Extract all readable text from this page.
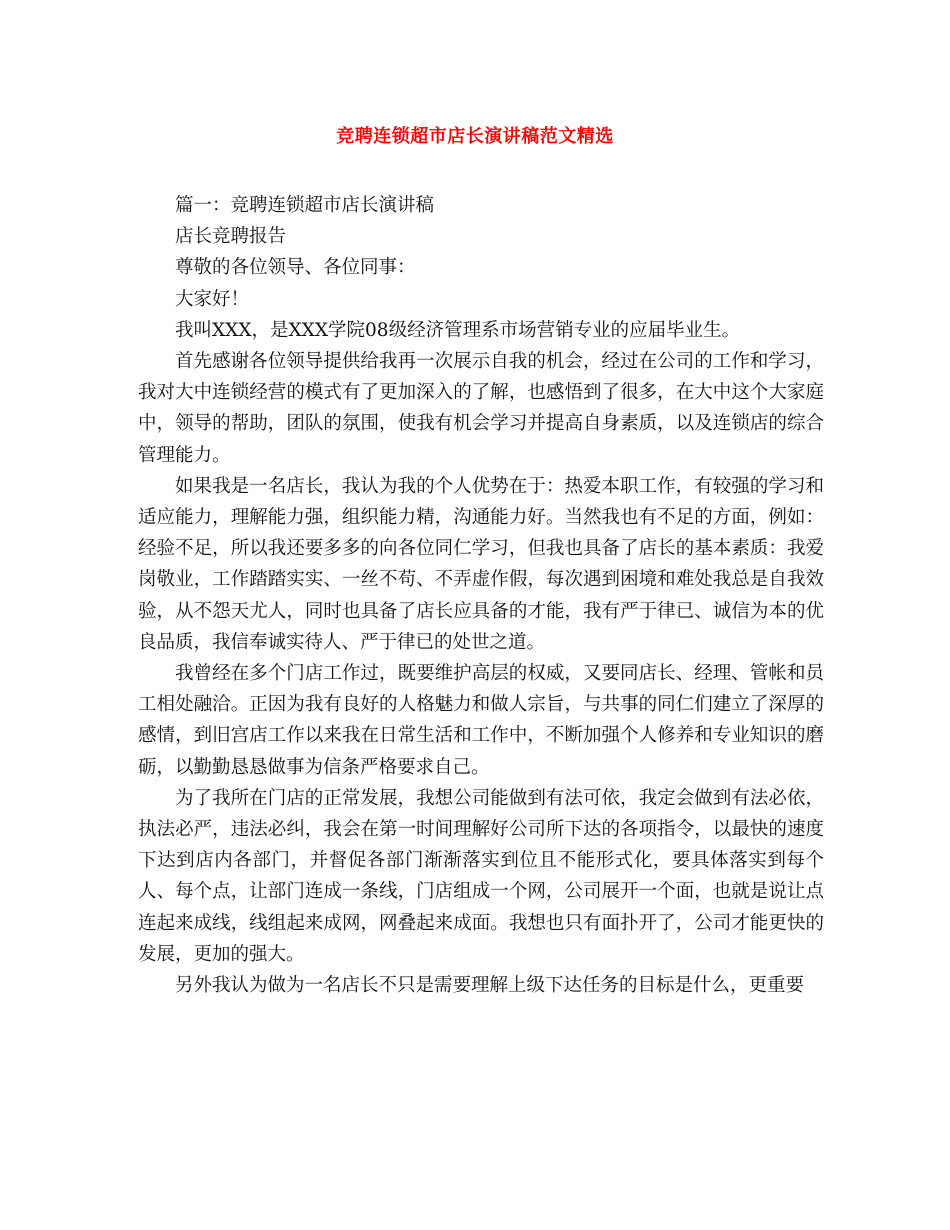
竞聘连锁超市店长演讲稿范文精选

篇一：竞聘连锁超市店长演讲稿

店长竞聘报告

尊敬的各位领导、各位同事：

大家好！

我叫XXX，是XXX学院08级经济管理系市场营销专业的应届毕业生。

首先感谢各位领导提供给我再一次展示自我的机会，经过在公司的工作和学习，我对大中连锁经营的模式有了更加深入的了解，也感悟到了很多，在大中这个大家庭中，领导的帮助，团队的氛围，使我有机会学习并提高自身素质，以及连锁店的综合管理能力。

如果我是一名店长，我认为我的个人优势在于：热爱本职工作，有较强的学习和适应能力，理解能力强，组织能力精，沟通能力好。当然我也有不足的方面，例如：经验不足，所以我还要多多的向各位同仁学习，但我也具备了店长的基本素质：我爱岗敬业，工作踏踏实实、一丝不苟、不弄虚作假，每次遇到困境和难处我总是自我效验，从不怨天尤人，同时也具备了店长应具备的才能，我有严于律已、诚信为本的优良品质，我信奉诚实待人、严于律已的处世之道。

我曾经在多个门店工作过，既要维护高层的权威，又要同店长、经理、管帐和员工相处融洽。正因为我有良好的人格魅力和做人宗旨，与共事的同仁们建立了深厚的感情，到旧宫店工作以来我在日常生活和工作中，不断加强个人修养和专业知识的磨砺，以勤勤恳恳做事为信条严格要求自己。

为了我所在门店的正常发展，我想公司能做到有法可依，我定会做到有法必依，执法必严，违法必纠，我会在第一时间理解好公司所下达的各项指令，以最快的速度下达到店内各部门，并督促各部门渐渐落实到位且不能形式化，要具体落实到每个人、每个点，让部门连成一条线，门店组成一个网，公司展开一个面，也就是说让点连起来成线，线组起来成网，网叠起来成面。我想也只有面扑开了，公司才能更快的发展，更加的强大。

另外我认为做为一名店长不只是需要理解上级下达任务的目标是什么，更重要
